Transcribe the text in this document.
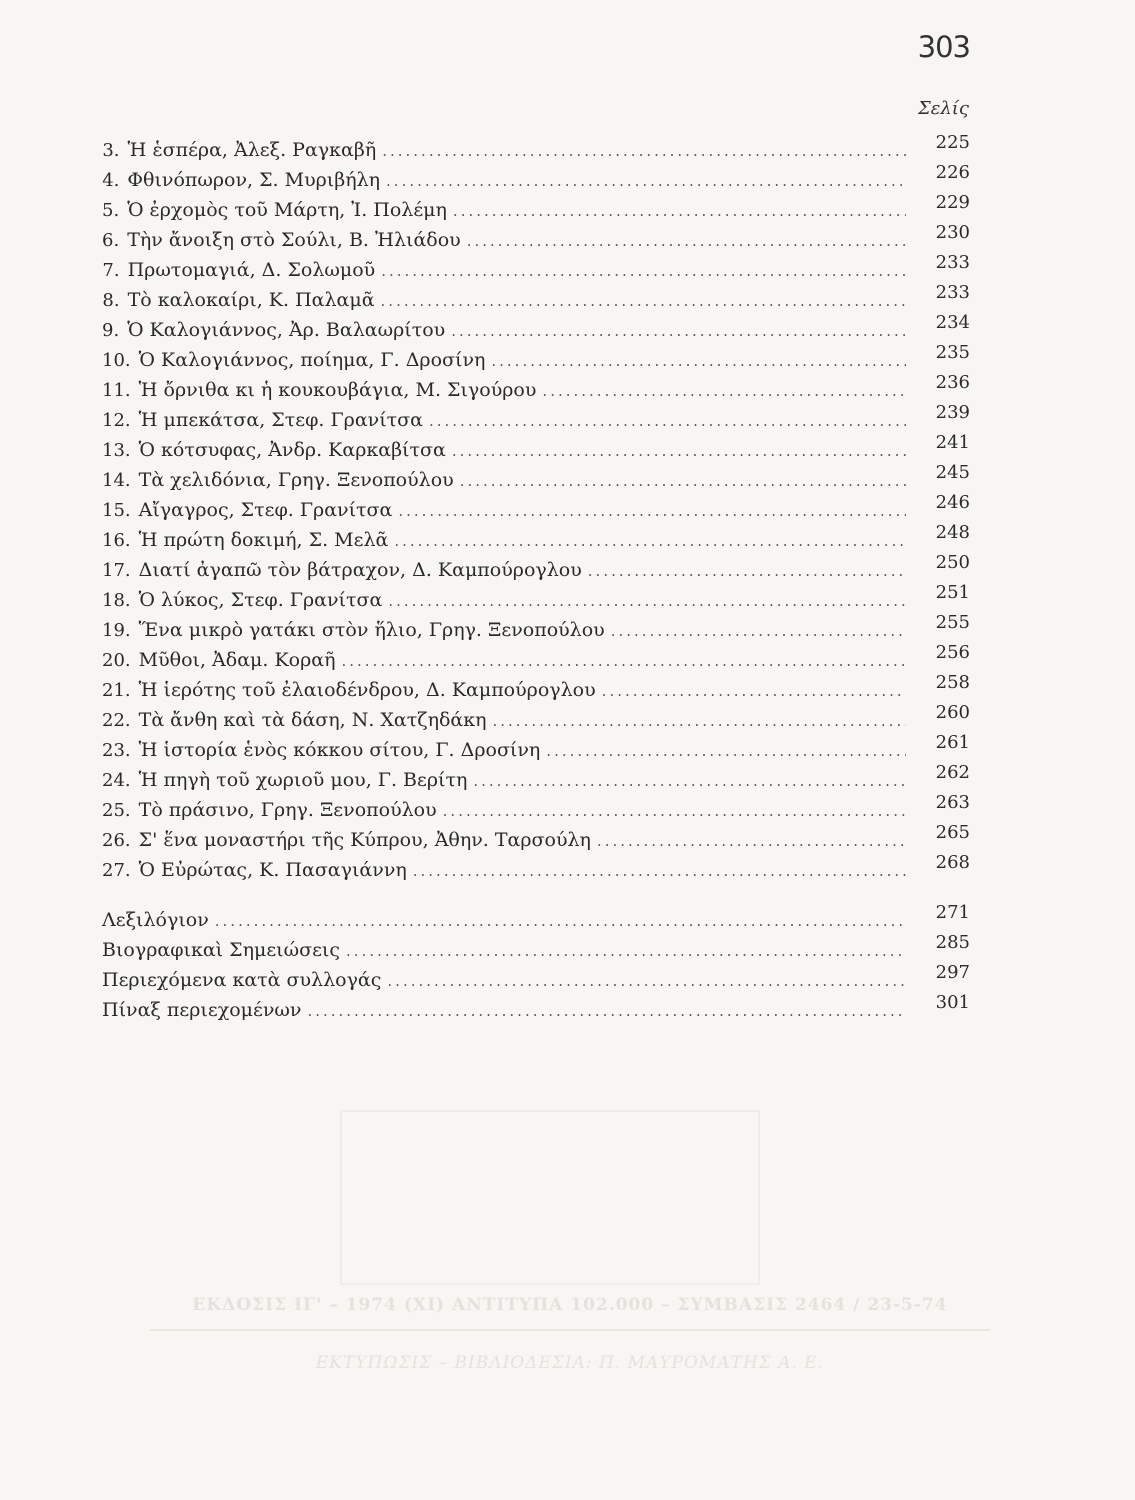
303
Σελίς
3. Ἡ ἑσπέρα, Ἀλεξ. Ραγκαβῆ .....	225
4. Φθινόπωρον, Σ. Μυριβήλη .....	226
5. Ὁ ἐρχομὸς τοῦ Μάρτη, Ἰ. Πολέμη .....	229
6. Τὴν ἄνοιξη στὸ Σούλι, Β. Ἠλιάδου .....	230
7. Πρωτομαγιά, Δ. Σολωμοῦ .....	233
8. Τὸ καλοκαίρι, Κ. Παλαμᾶ .....	233
9. Ὁ Καλογιάννος, Ἀρ. Βαλαωρίτου .....	234
10. Ὁ Καλογιάννος, ποίημα, Γ. Δροσίνη .....	235
11. Ἡ ὄρνιθα κι ἡ κουκουβάγια, Μ. Σιγούρου .....	236
12. Ἡ μπεκάτσα, Στεφ. Γρανίτσα .....	239
13. Ὁ κότσυφας, Ἀνδρ. Καρκαβίτσα .....	241
14. Τὰ χελιδόνια, Γρηγ. Ξενοπούλου .....	245
15. Αἴγαγρος, Στεφ. Γρανίτσα .....	246
16. Ἡ πρώτη δοκιμή, Σ. Μελᾶ .....	248
17. Διατί ἀγαπῶ τὸν βάτραχον, Δ. Καμπούρογλου .....	250
18. Ὁ λύκος, Στεφ. Γρανίτσα .....	251
19. Ἕνα μικρὸ γατάκι στὸν ἥλιο, Γρηγ. Ξενοπούλου .....	255
20. Μῦθοι, Ἀδαμ. Κοραῆ .....	256
21. Ἡ ἱερότης τοῦ ἐλαιοδένδρου, Δ. Καμπούρογλου .....	258
22. Τὰ ἄνθη καὶ τὰ δάση, Ν. Χατζηδάκη .....	260
23. Ἡ ἱστορία ἑνὸς κόκκου σίτου, Γ. Δροσίνη .....	261
24. Ἡ πηγὴ τοῦ χωριοῦ μου, Γ. Βερίτη .....	262
25. Τὸ πράσινο, Γρηγ. Ξενοπούλου .....	263
26. Σ' ἕνα μοναστήρι τῆς Κύπρου, Ἀθην. Ταρσούλη .....	265
27. Ὁ Εὐρώτας, Κ. Πασαγιάννη .....	268
Λεξιλόγιον .....	271
Βιογραφικαὶ Σημειώσεις .....	285
Περιεχόμενα κατὰ συλλογάς .....	297
Πίναξ περιεχομένων .....	301
ΕΚΔΟΣΙΣ ΙΓ' – 1974 (XI) ΑΝΤΙΤΥΠΑ 102.000 – ΣΥΜΒΑΣΙΣ 2464 / 23-5-74
ΕΚΤΥΠΩΣΙΣ – ΒΙΒΛΙΟΔΕΣΙΑ: Π. ΜΑΥΡΟΜΑΤΗΣ Α. Ε.
